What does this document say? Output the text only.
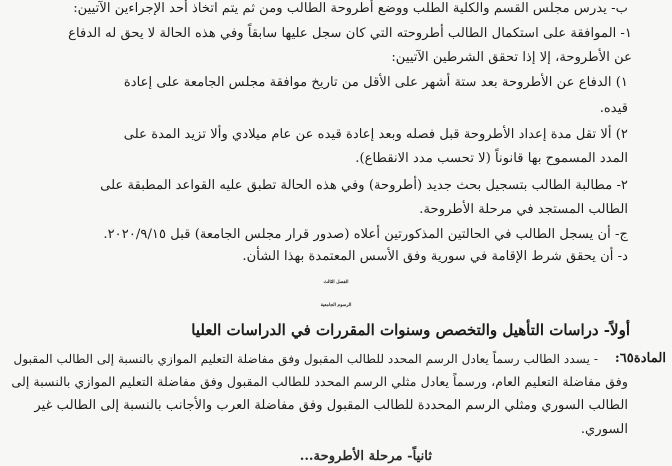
ب- يدرس مجلس القسم والكلية الطلب ووضع أطروحة الطالب ومن ثم يتم اتخاذ أحد الإجراءين الآتيين:
١- الموافقة على استكمال الطالب أطروحته التي كان سجل عليها سابقاً وفي هذه الحالة لا يحق له الدفاع
عن الأطروحة، إلا إذا تحقق الشرطين الآتيين:
١) الدفاع عن الأطروحة بعد ستة أشهر على الأقل من تاريخ موافقة مجلس الجامعة على إعادة
قيده.
٢) ألا تقل مدة إعداد الأطروحة قبل فصله وبعد إعادة قيده عن عام ميلادي وألا تزيد المدة على
المدد المسموح بها قانوناً (لا تحسب مدد الانقطاع).
٢- مطالبة الطالب بتسجيل بحث جديد (أطروحة) وفي هذه الحالة تطبق عليه القواعد المطبقة على
الطالب المستجد في مرحلة الأطروحة.
ج- أن يسجل الطالب في الحالتين المذكورتين أعلاه (صدور قرار مجلس الجامعة) قبل ٢٠٢٠/٩/١٥.
د- أن يحقق شرط الإقامة في سورية وفق الأسس المعتمدة بهذا الشأن.
الفصل الثالث
الرسوم الجامعية
أولاً- دراسات التأهيل والتخصص وسنوات المقررات في الدراسات العليا
المادة٦٥:
- يسدد الطالب رسماً يعادل الرسم المحدد للطالب المقبول وفق مفاضلة التعليم الموازي بالنسبة إلى الطالب المقبول
وفق مفاضلة التعليم العام، ورسماً يعادل مثلي الرسم المحدد للطالب المقبول وفق مفاضلة التعليم الموازي بالنسبة إلى
الطالب السوري ومثلي الرسم المحددة للطالب المقبول وفق مفاضلة العرب والأجانب بالنسبة إلى الطالب غير
السوري.
ثانياً- مرحلة الأطروحة...
